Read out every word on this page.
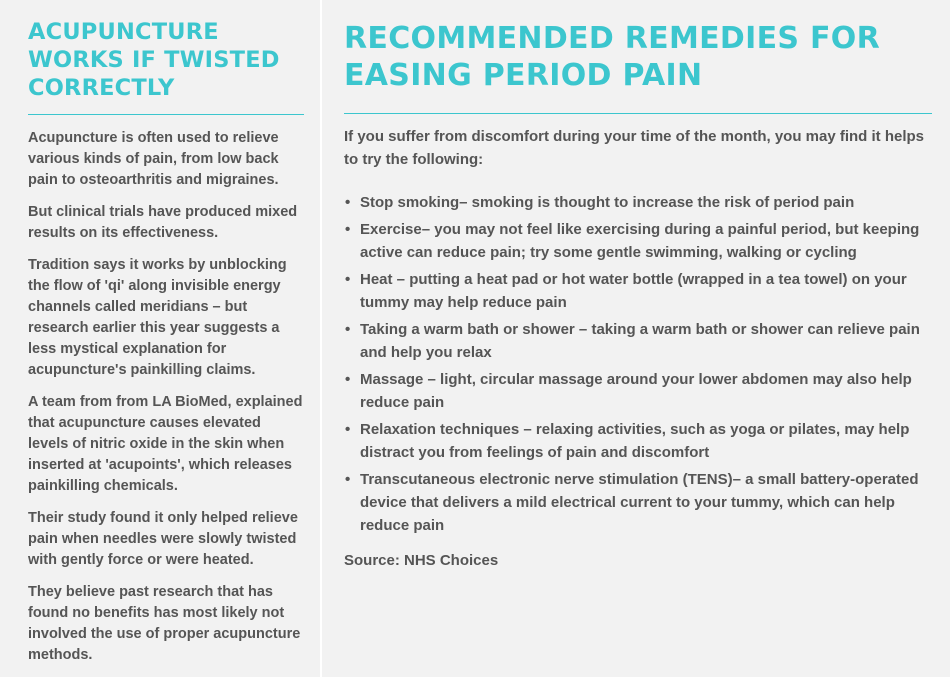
ACUPUNCTURE WORKS IF TWISTED CORRECTLY

Acupuncture is often used to relieve various kinds of pain, from low back pain to osteoarthritis and migraines.

But clinical trials have produced mixed results on its effectiveness.

Tradition says it works by unblocking the flow of 'qi' along invisible energy channels called meridians – but research earlier this year suggests a less mystical explanation for acupuncture's painkilling claims.

A team from from LA BioMed, explained that acupuncture causes elevated levels of nitric oxide in the skin when inserted at 'acupoints', which releases painkilling chemicals.

Their study found it only helped relieve pain when needles were slowly twisted with gently force or were heated.

They believe past research that has found no benefits has most likely not involved the use of proper acupuncture methods.

RECOMMENDED REMEDIES FOR EASING PERIOD PAIN

If you suffer from discomfort during your time of the month, you may find it helps to try the following:

• Stop smoking– smoking is thought to increase the risk of period pain
• Exercise– you may not feel like exercising during a painful period, but keeping active can reduce pain; try some gentle swimming, walking or cycling
• Heat – putting a heat pad or hot water bottle (wrapped in a tea towel) on your tummy may help reduce pain
• Taking a warm bath or shower – taking a warm bath or shower can relieve pain and help you relax
• Massage – light, circular massage around your lower abdomen may also help reduce pain
• Relaxation techniques – relaxing activities, such as yoga or pilates, may help distract you from feelings of pain and discomfort
• Transcutaneous electronic nerve stimulation (TENS)– a small battery-operated device that delivers a mild electrical current to your tummy, which can help reduce pain

Source: NHS Choices
